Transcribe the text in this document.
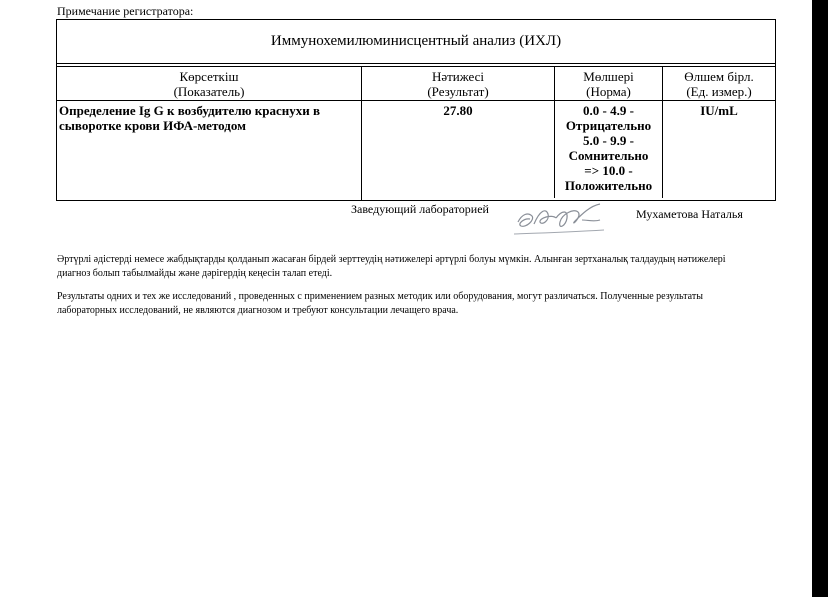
Примечание регистратора:
Иммунохемилюминисцентный анализ (ИХЛ)
Көрсеткіш
(Показатель)
Нәтижесі
(Результат)
Мөлшері
(Норма)
Өлшем бірл.
(Ед. измер.)
Определение Ig G к возбудителю краснухи в сыворотке крови ИФА-методом
27.80	0.0 - 4.9 -
Отрицательно
5.0 - 9.9 -
Сомнительно
=> 10.0 -
Положительно
IU/mL
Заведующий лабораторией	Мухаметова Наталья
Әртүрлі әдістерді немесе жабдықтарды қолданып жасаған бірдей зерттеудің нәтижелері әртүрлі болуы мүмкін. Алынған зертханалық талдаудың нәтижелері диагноз болып табылмайды және дәрігердің кеңесін талап етеді.
Результаты одних и тех же исследований , проведенных с применением разных методик или оборудования, могут различаться. Полученные результаты лабораторных исследований, не являются диагнозом и требуют консультации лечащего врача.
